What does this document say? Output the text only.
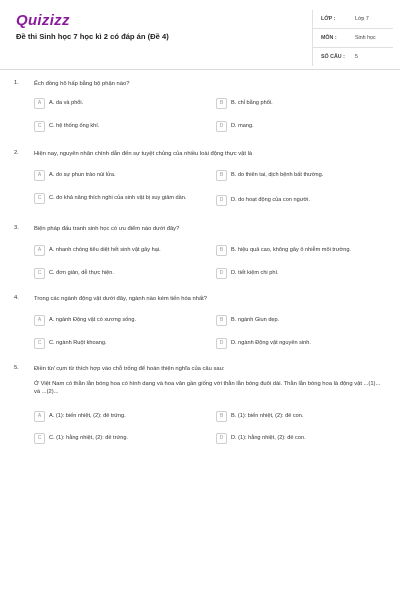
Quizizz
Đề thi Sinh học 7 học kì 2 có đáp án (Đề 4)
LỚP :	Lớp 7
MÔN :	Sinh học
SỐ CÂU :	5
1.	Ếch đồng hô hấp bằng bộ phận nào?
A	A. da và phổi.	B	B. chỉ bằng phổi.
C	C. hệ thống ống khí.	D	D. mang.
2.	Hiện nay, nguyên nhân chính dẫn đến sự tuyệt chủng của nhiều loài động thực vật là
A	A. do sự phun trào núi lửa.	B	B. do thiên tai, dịch bệnh bất thường.
C	C. do khả năng thích nghi của sinh vật bị suy giảm dần.	D	D. do hoạt động của con người.
3.	Biện pháp đấu tranh sinh học có ưu điểm nào dưới đây?
A	A. nhanh chóng tiêu diệt hết sinh vật gây hại.	B	B. hiệu quả cao, không gây ô nhiễm môi trường.
C	C. đơn giản, dễ thực hiện.	D	D. tiết kiệm chi phí.
4.	Trong các ngành động vật dưới đây, ngành nào kém tiến hóa nhất?
A	A. ngành Động vật có xương sống.	B	B. ngành Giun dẹp.
C	C. ngành Ruột khoang.	D	D. ngành Động vật nguyên sinh.
5.	Điền từ/ cụm từ thích hợp vào chỗ trống để hoàn thiện nghĩa của câu sau:
Ở Việt Nam có thằn lằn bóng hoa có hình dạng và hoa văn gần giống với thằn lằn bóng đuôi dài. Thằn lằn bóng hoa là động vật ...(1)... và ...(2)...
A	A. (1): biến nhiệt, (2): đẻ trứng.	B	B. (1): biến nhiệt, (2): đẻ con.
C	C. (1): hằng nhiệt, (2): đẻ trứng.	D	D. (1): hằng nhiệt, (2): đẻ con.
